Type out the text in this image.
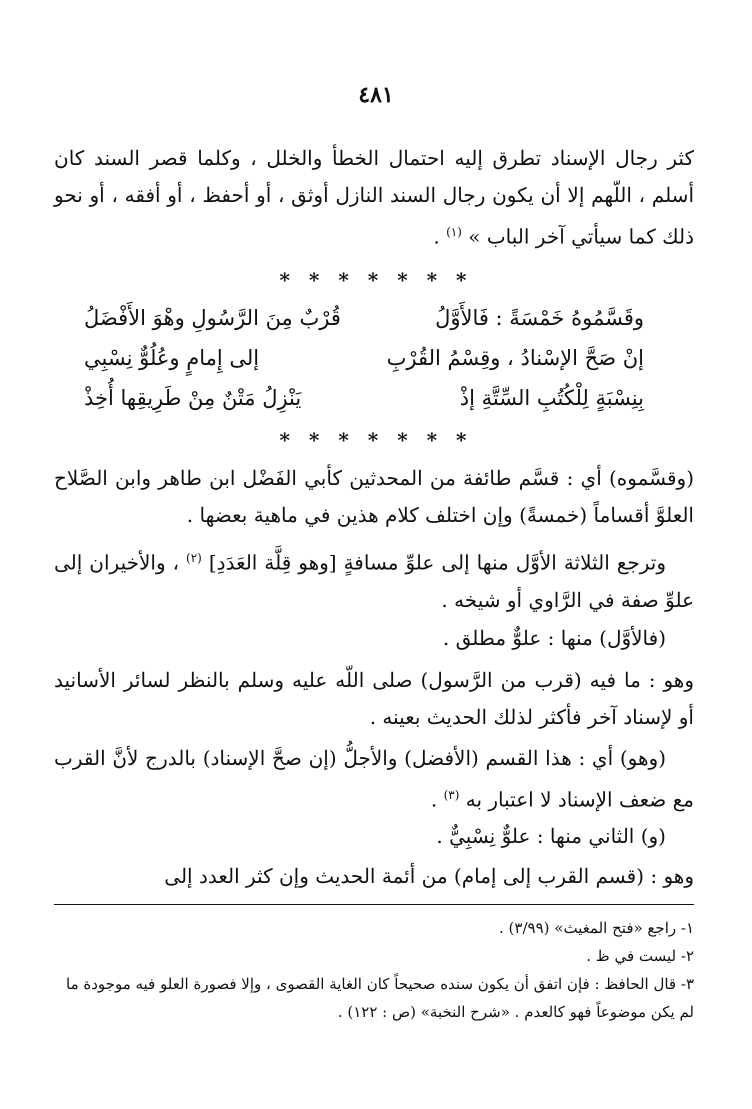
٤٨١

كثر رجال الإسناد تطرق إليه احتمال الخطأ والخلل ، وكلما قصر السند كان أسلم ، اللّهم إلا أن يكون رجال السند النازل أوثق ، أو أحفظ ، أو أفقه ، أو نحو ذلك كما سيأتي آخر الباب » $^{(١)}$ .

* * * * * * *
وقَسَّمُوهُ خَمْسَةً : فَالأَوَّلُ
قُرْبٌ مِنَ الرَّسُولِ وهْوَ الأَفْضَلُ
إنْ صَحَّ الإسْنادُ ، وقِسْمُ القُرْبِ
إلى إِمامٍ وعُلُوٌّ نِسْبِي
بِنِسْبَةٍ لِلْكُتُبِ السِّتَّةِ إذْ
يَنْزِلُ مَتْنٌ مِنْ طَرِيقِها أُخِذْ
* * * * * * *

(وقسَّموه) أي : قسَّم طائفة من المحدثين كأبي الفَضْل ابن طاهر وابن الصَّلاح العلوَّ أقساماً (خمسةً) وإن اختلف كلام هذين في ماهية بعضها .

وترجع الثلاثة الأوَّل منها إلى علوِّ مسافةٍ [وهو قِلَّة العَدَدِ] $^{(٢)}$ ، والأخيران إلى علوِّ صفة في الرَّاوي أو شيخه .

(فالأوَّل) منها : علوٌّ مطلق .

وهو : ما فيه (قرب من الرَّسول) صلى اللّه عليه وسلم بالنظر لسائر الأسانيد أو لإسناد آخر فأكثر لذلك الحديث بعينه .

(وهو) أي : هذا القسم (الأفضل) والأجلُّ (إن صحَّ الإسناد) بالدرج لأنَّ القرب مع ضعف الإسناد لا اعتبار به $^{(٣)}$ .

(و) الثاني منها : علوٌّ نِسْبِيٌّ .

وهو : (قسم القرب إلى إمام) من أئمة الحديث وإن كثر العدد إلى

١- راجع «فتح المغيث» (٣/٩٩) .

٢- ليست في ظ .

٣- قال الحافظ : فإن اتفق أن يكون سنده صحيحاً كان الغاية القصوى ، وإلا فصورة العلو فيه موجودة ما لم يكن موضوعاً فهو كالعدم . «شرح النخبة» (ص : ١٢٢) .
